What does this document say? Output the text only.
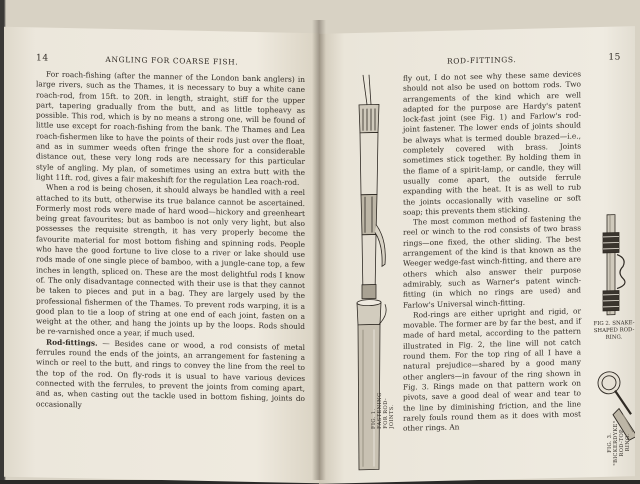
14	ANGLING FOR COARSE FISH.

For roach-fishing (after the manner of the London bank anglers) in large rivers, such as the Thames, it is necessary to buy a white cane roach-rod, from 15ft. to 20ft. in length, straight, stiff for the upper part, tapering gradually from the butt, and as little topheavy as possible. This rod, which is by no means a strong one, will be found of little use except for roach-fishing from the bank. The Thames and Lea roach-fishermen like to have the points of their rods just over the float, and as in summer weeds often fringe the shore for a considerable distance out, these very long rods are necessary for this particular style of angling. My plan, of sometimes using an extra butt with the light 11ft. rod, gives a fair makeshift for the regulation Lea roach-rod.

When a rod is being chosen, it should always be handled with a reel attached to its butt, otherwise its true balance cannot be ascertained. Formerly most rods were made of hard wood—hickory and greenheart being great favourites; but as bamboo is not only very light, but also possesses the requisite strength, it has very properly become the favourite material for most bottom fishing and spinning rods. People who have the good fortune to live close to a river or lake should use rods made of one single piece of bamboo, with a jungle-cane top, a few inches in length, spliced on. These are the most delightful rods I know of. The only disadvantage connected with their use is that they cannot be taken to pieces and put in a bag. They are largely used by the professional fishermen of the Thames. To prevent rods warping, it is a good plan to tie a loop of string at one end of each joint, fasten on a weight at the other, and hang the joints up by the loops. Rods should be re-varnished once a year, if much used.

Rod-fittings. — Besides cane or wood, a rod consists of metal ferrules round the ends of the joints, an arrangement for fastening a winch or reel to the butt, and rings to convey the line from the reel to the top of the rod. On fly-rods it is usual to have various devices connected with the ferrules, to prevent the joints from coming apart, and as, when casting out the tackle used in bottom fishing, joints do occasionally

ROD-FITTINGS.	15
FIG. 1. FASTENING FOR ROD-JOINTS.

fly out, I do not see why these same devices should not also be used on bottom rods. Two arrangements of the kind which are well adapted for the purpose are Hardy's patent lock-fast joint (see Fig. 1) and Farlow's rod-joint fastener. The lower ends of joints should be always what is termed double brazed—i.e., completely covered with brass. Joints sometimes stick together. By holding them in the flame of a spirit-lamp, or candle, they will usually come apart, the outside ferrule expanding with the heat. It is as well to rub the joints occasionally with vaseline or soft soap; this prevents them sticking.

The most common method of fastening the reel or winch to the rod consists of two brass rings—one fixed, the other sliding. The best arrangement of the kind is that known as the Weeger wedge-fast winch-fitting, and there are others which also answer their purpose admirably, such as Warner's patent winch-fitting (in which no rings are used) and Farlow's Universal winch-fitting.

Rod-rings are either upright and rigid, or movable. The former are by far the best, and if made of hard metal, according to the pattern illustrated in Fig. 2, the line will not catch round them. For the top ring of all I have a natural prejudice—shared by a good many other anglers—in favour of the ring shown in Fig. 3. Rings made on that pattern work on pivots, save a good deal of wear and tear to the line by diminishing friction, and the line rarely fouls round them as it does with most other rings. An

FIG 2. SNAKE-SHAPED ROD-RING.
FIG. 3. "BICKERDYKE" ROD-TOP RING.
